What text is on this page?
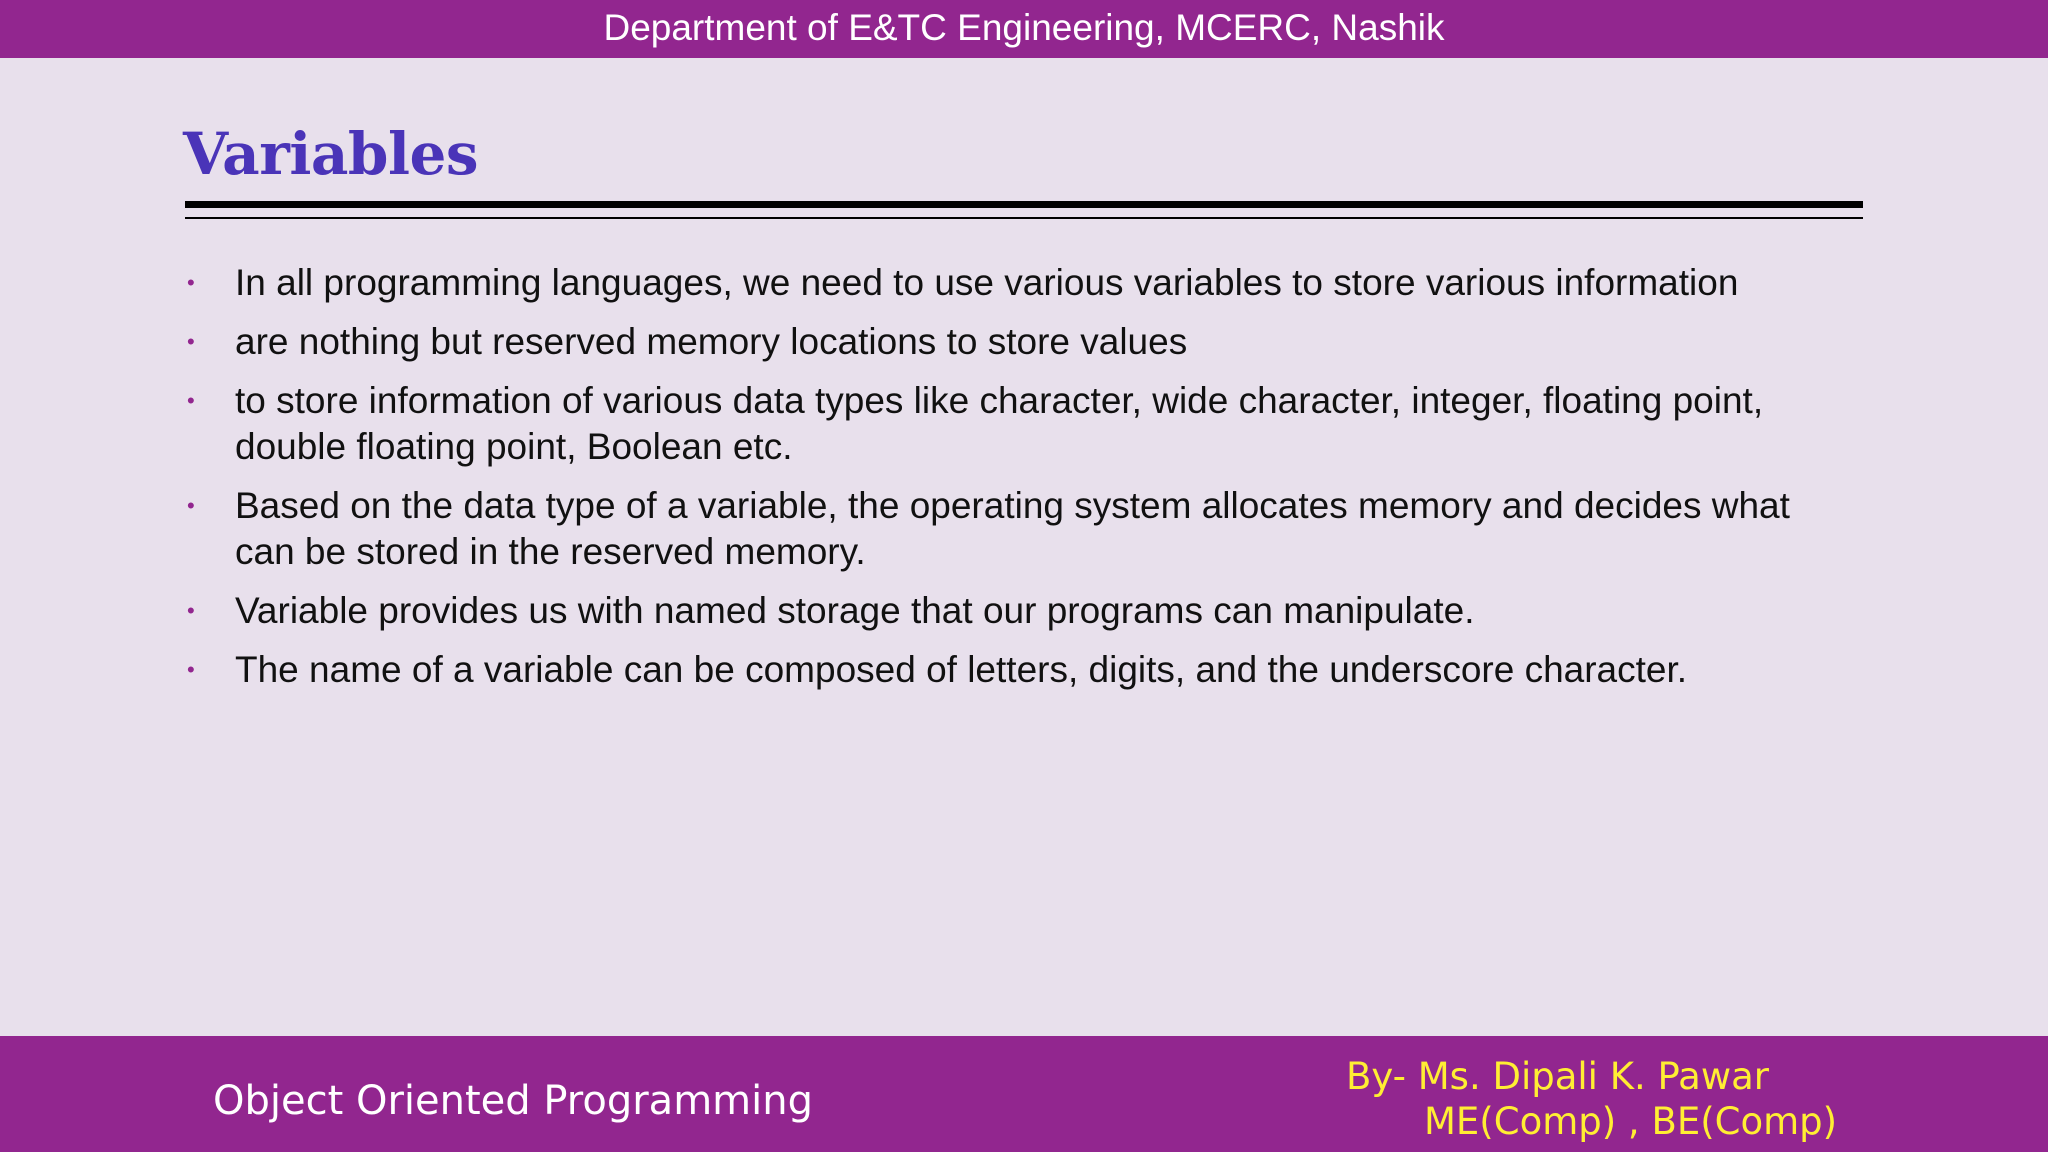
Department of E&TC Engineering, MCERC, Nashik
Variables
• In all programming languages, we need to use various variables to store various information
• are nothing but reserved memory locations to store values
• to store information of various data types like character, wide character, integer, floating point, double floating point, Boolean etc.
• Based on the data type of a variable, the operating system allocates memory and decides what can be stored in the reserved memory.
• Variable provides us with named storage that our programs can manipulate.
• The name of a variable can be composed of letters, digits, and the underscore character.
Object Oriented Programming
By- Ms. Dipali K. Pawar
ME(Comp) , BE(Comp)
